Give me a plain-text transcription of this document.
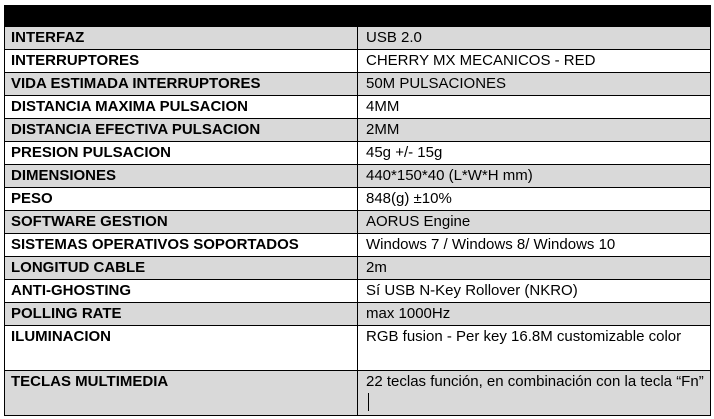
INTERFAZ	USB 2.0
INTERRUPTORES	CHERRY MX MECANICOS - RED
VIDA ESTIMADA INTERRUPTORES	50M PULSACIONES
DISTANCIA MAXIMA PULSACION	4MM
DISTANCIA EFECTIVA PULSACION	2MM
PRESION PULSACION	45g +/- 15g
DIMENSIONES	440*150*40 (L*W*H mm)
PESO	848(g) ±10%
SOFTWARE GESTION	AORUS Engine
SISTEMAS OPERATIVOS SOPORTADOS	Windows 7 / Windows 8/ Windows 10
LONGITUD CABLE	2m
ANTI-GHOSTING	Sí USB N-Key Rollover (NKRO)
POLLING RATE	max 1000Hz
ILUMINACION	RGB fusion - Per key 16.8M customizable color
TECLAS MULTIMEDIA	22 teclas función, en combinación con la tecla “Fn”
